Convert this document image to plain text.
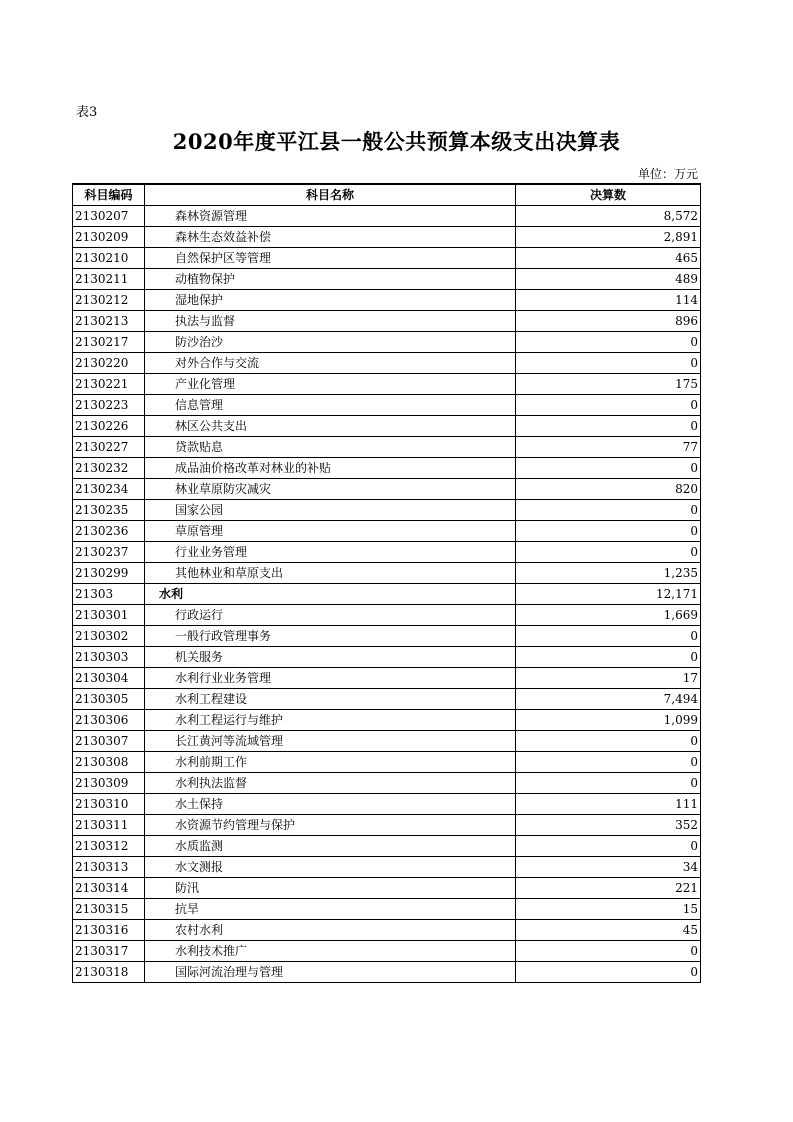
表3
2020年度平江县一般公共预算本级支出决算表
单位：万元
科目编码	科目名称	决算数
2130207	森林资源管理	8,572
2130209	森林生态效益补偿	2,891
2130210	自然保护区等管理	465
2130211	动植物保护	489
2130212	湿地保护	114
2130213	执法与监督	896
2130217	防沙治沙	0
2130220	对外合作与交流	0
2130221	产业化管理	175
2130223	信息管理	0
2130226	林区公共支出	0
2130227	贷款贴息	77
2130232	成品油价格改革对林业的补贴	0
2130234	林业草原防灾减灾	820
2130235	国家公园	0
2130236	草原管理	0
2130237	行业业务管理	0
2130299	其他林业和草原支出	1,235
21303	水利	12,171
2130301	行政运行	1,669
2130302	一般行政管理事务	0
2130303	机关服务	0
2130304	水利行业业务管理	17
2130305	水利工程建设	7,494
2130306	水利工程运行与维护	1,099
2130307	长江黄河等流域管理	0
2130308	水利前期工作	0
2130309	水利执法监督	0
2130310	水土保持	111
2130311	水资源节约管理与保护	352
2130312	水质监测	0
2130313	水文测报	34
2130314	防汛	221
2130315	抗旱	15
2130316	农村水利	45
2130317	水利技术推广	0
2130318	国际河流治理与管理	0
